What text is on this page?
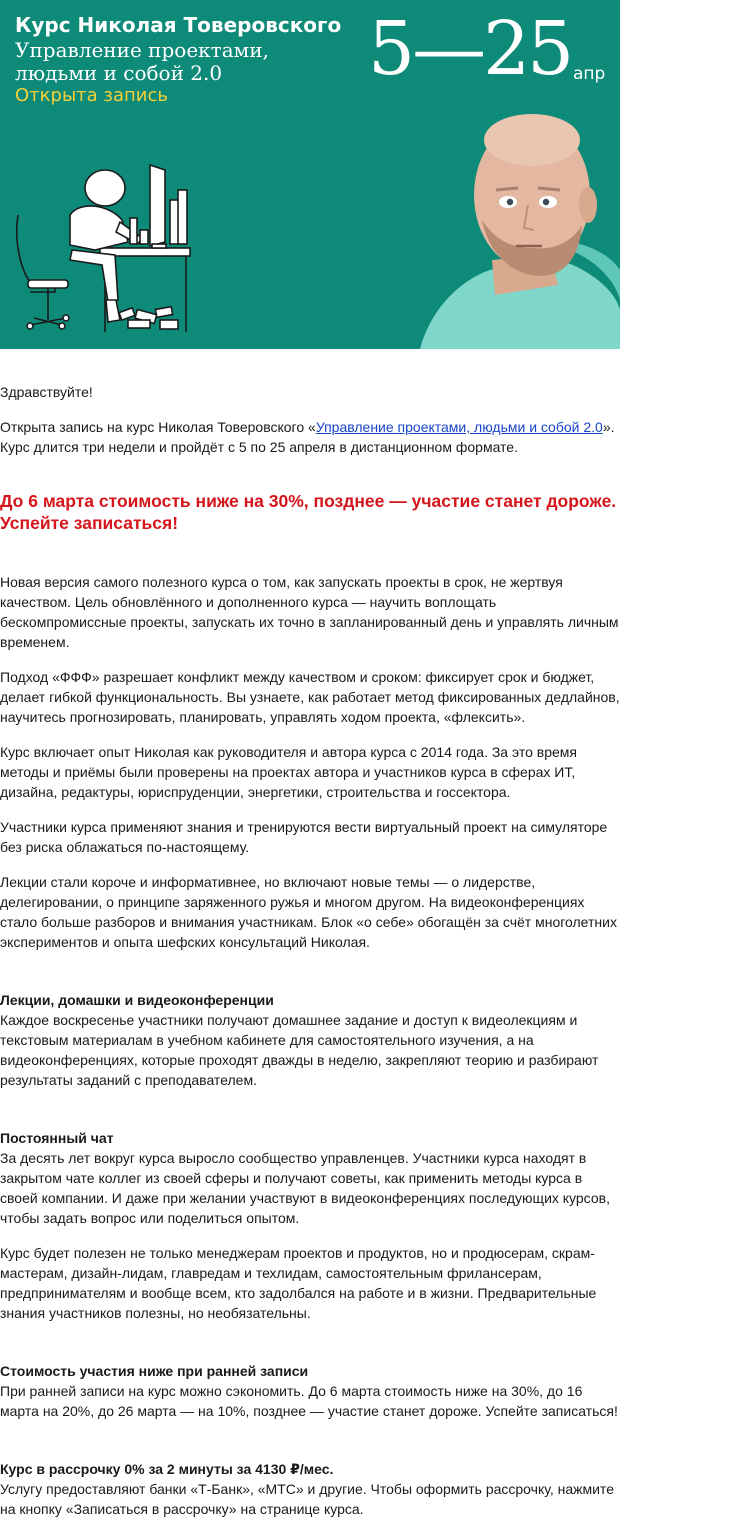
Курс Николая Товеровского
Управление проектами,
людьми и собой 2.0
Открыта запись
5—25 апр

Здравствуйте!

Открыта запись на курс Николая Товеровского «Управление проектами, людьми и собой 2.0». Курс длится три недели и пройдёт с 5 по 25 апреля в дистанционном формате.

До 6 марта стоимость ниже на 30%, позднее — участие станет дороже. Успейте записаться!

Новая версия самого полезного курса о том, как запускать проекты в срок, не жертвуя качеством. Цель обновлённого и дополненного курса — научить воплощать бескомпромиссные проекты, запускать их точно в запланированный день и управлять личным временем.

Подход «ФФФ» разрешает конфликт между качеством и сроком: фиксирует срок и бюджет, делает гибкой функциональность. Вы узнаете, как работает метод фиксированных дедлайнов, научитесь прогнозировать, планировать, управлять ходом проекта, «флексить».

Курс включает опыт Николая как руководителя и автора курса с 2014 года. За это время методы и приёмы были проверены на проектах автора и участников курса в сферах ИТ, дизайна, редактуры, юриспруденции, энергетики, строительства и госсектора.

Участники курса применяют знания и тренируются вести виртуальный проект на симуляторе без риска облажаться по-настоящему.

Лекции стали короче и информативнее, но включают новые темы — о лидерстве, делегировании, о принципе заряженного ружья и многом другом. На видеоконференциях стало больше разборов и внимания участникам. Блок «о себе» обогащён за счёт многолетних экспериментов и опыта шефских консультаций Николая.

Лекции, домашки и видеоконференции
Каждое воскресенье участники получают домашнее задание и доступ к видеолекциям и текстовым материалам в учебном кабинете для самостоятельного изучения, а на видеоконференциях, которые проходят дважды в неделю, закрепляют теорию и разбирают результаты заданий с преподавателем.

Постоянный чат
За десять лет вокруг курса выросло сообщество управленцев. Участники курса находят в закрытом чате коллег из своей сферы и получают советы, как применить методы курса в своей компании. И даже при желании участвуют в видеоконференциях последующих курсов, чтобы задать вопрос или поделиться опытом.

Курс будет полезен не только менеджерам проектов и продуктов, но и продюсерам, скрам-мастерам, дизайн-лидам, главредам и техлидам, самостоятельным фрилансерам, предпринимателям и вообще всем, кто задолбался на работе и в жизни. Предварительные знания участников полезны, но необязательны.

Стоимость участия ниже при ранней записи
При ранней записи на курс можно сэкономить. До 6 марта стоимость ниже на 30%, до 16 марта на 20%, до 26 марта — на 10%, позднее — участие станет дороже. Успейте записаться!

Курс в рассрочку 0% за 2 минуты за 4130 ₽/мес.
Услугу предоставляют банки «Т-Банк», «МТС» и другие. Чтобы оформить рассрочку, нажмите на кнопку «Записаться в рассрочку» на странице курса.
